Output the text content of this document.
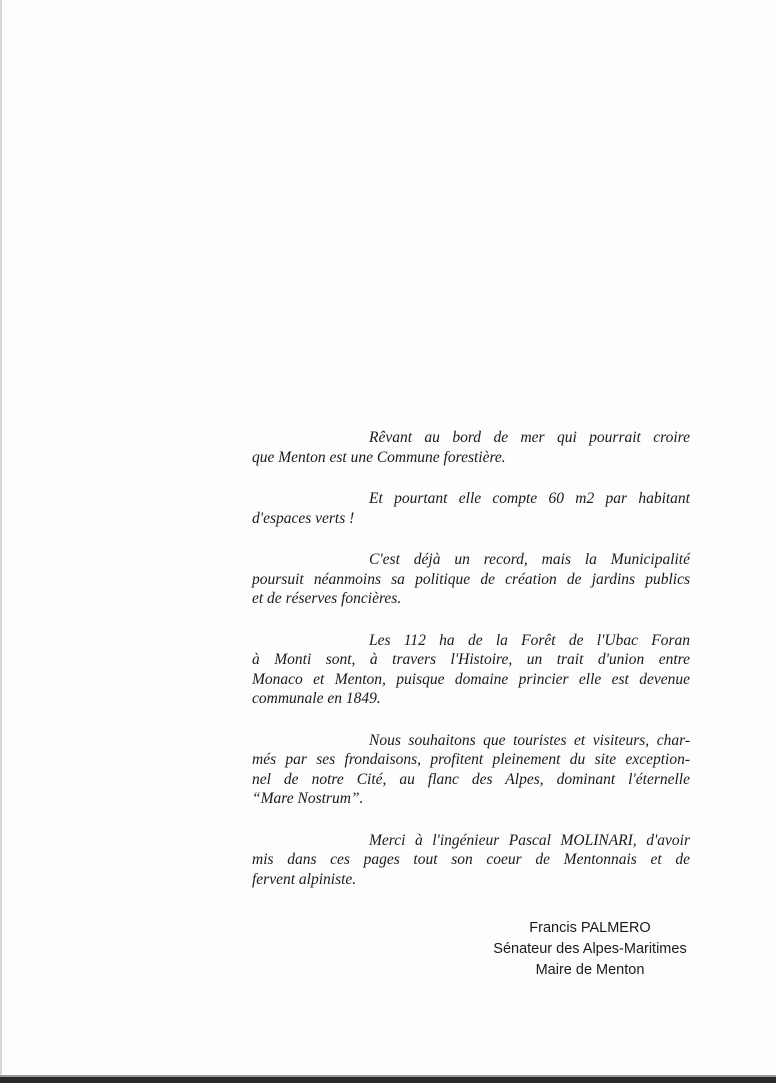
Rêvant au bord de mer qui pourrait croire
que Menton est une Commune forestière.

Et pourtant elle compte 60 m2 par habitant
d'espaces verts !

C'est déjà un record, mais la Municipalité
poursuit néanmoins sa politique de création de jardins publics
et de réserves foncières.

Les 112 ha de la Forêt de l'Ubac Foran
à Monti sont, à travers l'Histoire, un trait d'union entre
Monaco et Menton, puisque domaine princier elle est devenue
communale en 1849.

Nous souhaitons que touristes et visiteurs, char-
més par ses frondaisons, profitent pleinement du site exception-
nel de notre Cité, au flanc des Alpes, dominant l'éternelle
“Mare Nostrum”.

Merci à l'ingénieur Pascal MOLINARI, d'avoir
mis dans ces pages tout son coeur de Mentonnais et de
fervent alpiniste.

Francis PALMERO
Sénateur des Alpes-Maritimes
Maire de Menton
